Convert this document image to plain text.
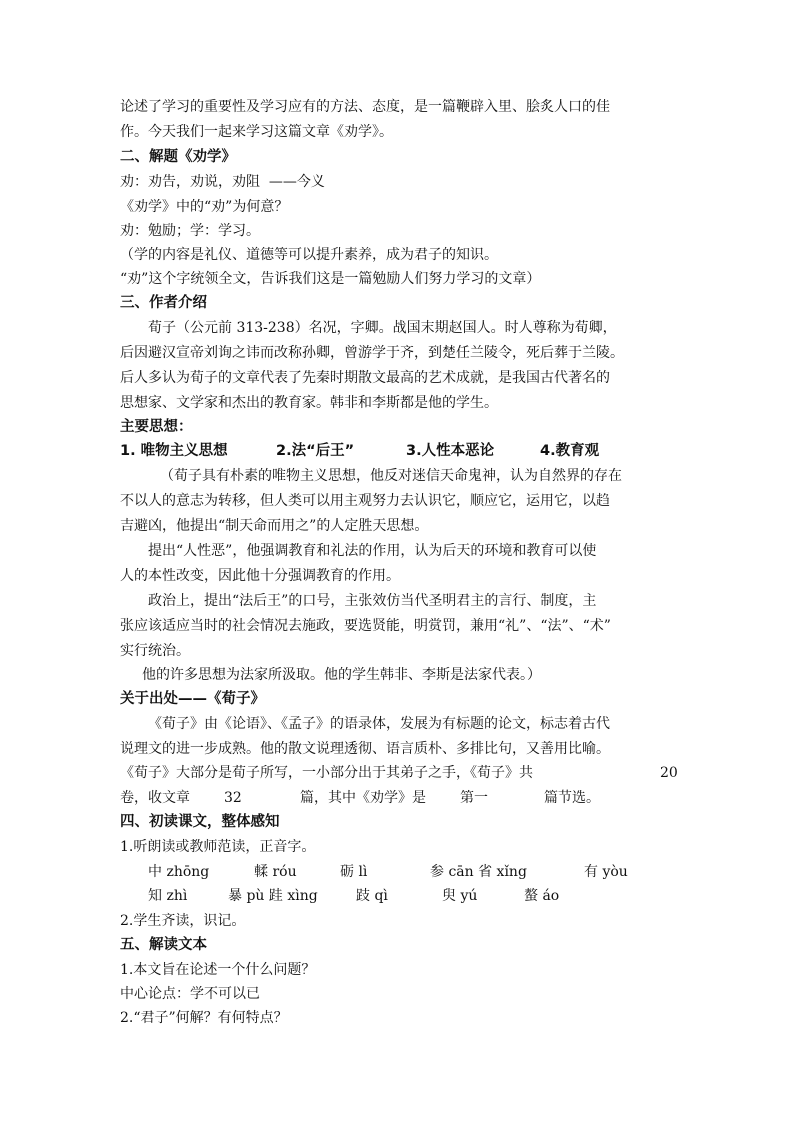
论述了学习的重要性及学习应有的方法、态度，是一篇鞭辟入里、脍炙人口的佳
作。今天我们一起来学习这篇文章《劝学》。
二、解题《劝学》
劝：劝告，劝说，劝阻  ——今义
《劝学》中的“劝”为何意？
劝：勉励；学：学习。
（学的内容是礼仪、道德等可以提升素养，成为君子的知识。
“劝”这个字统领全文，告诉我们这是一篇勉励人们努力学习的文章）
三、作者介绍
荀子（公元前 313-238）名况，字卿。战国末期赵国人。时人尊称为荀卿，
后因避汉宣帝刘询之讳而改称孙卿，曾游学于齐，到楚任兰陵令，死后葬于兰陵。
后人多认为荀子的文章代表了先秦时期散文最高的艺术成就，是我国古代著名的
思想家、文学家和杰出的教育家。韩非和李斯都是他的学生。
主要思想：
1. 唯物主义思想	2.法“后王”	3.人性本恶论	4.教育观
（荀子具有朴素的唯物主义思想，他反对迷信天命鬼神，认为自然界的存在
不以人的意志为转移，但人类可以用主观努力去认识它，顺应它，运用它，以趋
吉避凶，他提出“制天命而用之”的人定胜天思想。
提出“人性恶”，他强调教育和礼法的作用，认为后天的环境和教育可以使
人的本性改变，因此他十分强调教育的作用。
政治上，提出“法后王”的口号，主张效仿当代圣明君主的言行、制度，主
张应该适应当时的社会情况去施政，要选贤能，明赏罚，兼用“礼”、“法”、“术”
实行统治。
他的许多思想为法家所汲取。他的学生韩非、李斯是法家代表。）
关于出处——《荀子》
《荀子》由《论语》、《孟子》的语录体，发展为有标题的论文，标志着古代
说理文的进一步成熟。他的散文说理透彻、语言质朴、多排比句，又善用比喻。
《荀子》大部分是荀子所写，一小部分出于其弟子之手，《荀子》共	20
卷，收文章 32	篇，其中《劝学》是 第一	篇节选。
四、初读课文，整体感知
1.听朗读或教师范读，正音字。
中 zhōng	輮 róu	砺 lì	参 cān 省 xǐng	有 yòu
知 zhì	暴 pù 跬 xìng	跂 qì	臾 yú	螯 áo
2.学生齐读，识记。
五、解读文本
1.本文旨在论述一个什么问题？
中心论点：学不可以已
2.“君子”何解？有何特点？
